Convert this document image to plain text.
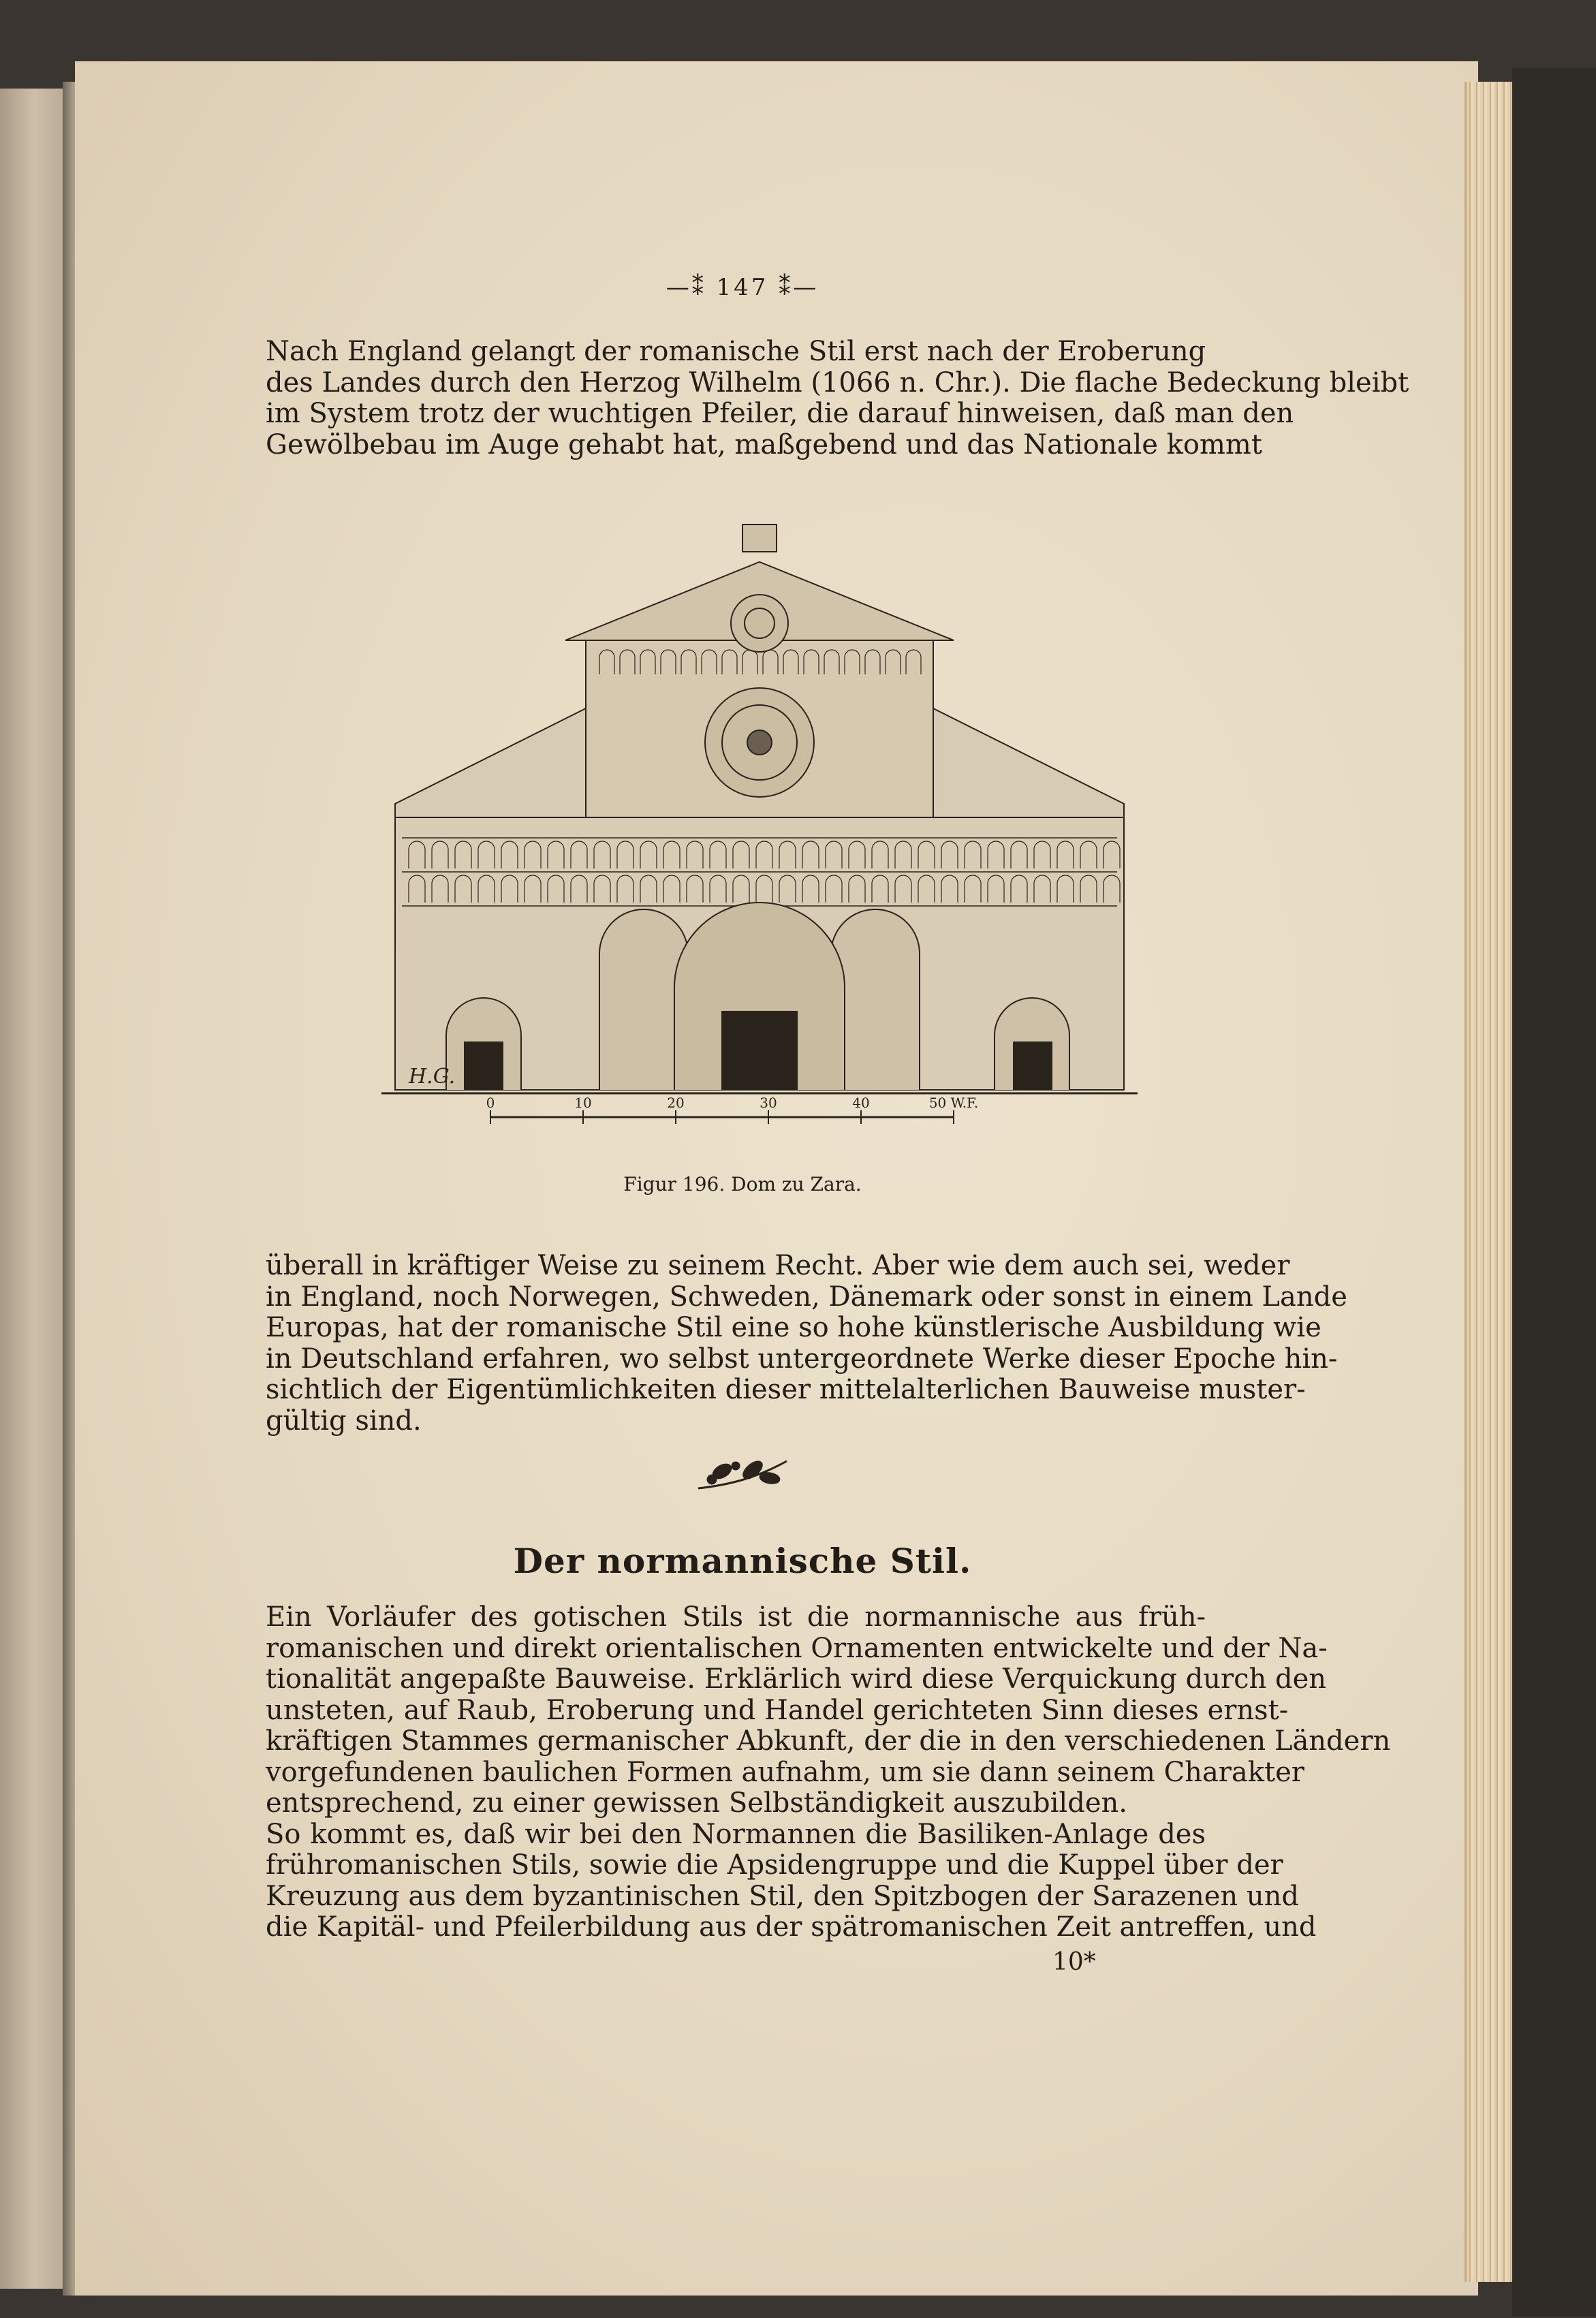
—⁑ 147 ⁑—
Nach England gelangt der romanische Stil erst nach der Eroberung
des Landes durch den Herzog Wilhelm (1066 n. Chr.). Die flache Bedeckung bleibt
im System trotz der wuchtigen Pfeiler, die darauf hinweisen, daß man den
Gewölbebau im Auge gehabt hat, maßgebend und das Nationale kommt
H.G.
0	10	20	30	40	50 W.F.
Figur 196. Dom zu Zara.
überall in kräftiger Weise zu seinem Recht. Aber wie dem auch sei, weder
in England, noch Norwegen, Schweden, Dänemark oder sonst in einem Lande
Europas, hat der romanische Stil eine so hohe künstlerische Ausbildung wie
in Deutschland erfahren, wo selbst untergeordnete Werke dieser Epoche hin-
sichtlich der Eigentümlichkeiten dieser mittelalterlichen Bauweise muster-
gültig sind.
Der normannische Stil.
Ein Vorläufer des gotischen Stils ist die normannische aus früh-
romanischen und direkt orientalischen Ornamenten entwickelte und der Na-
tionalität angepaßte Bauweise. Erklärlich wird diese Verquickung durch den
unsteten, auf Raub, Eroberung und Handel gerichteten Sinn dieses ernst-
kräftigen Stammes germanischer Abkunft, der die in den verschiedenen Ländern
vorgefundenen baulichen Formen aufnahm, um sie dann seinem Charakter
entsprechend, zu einer gewissen Selbständigkeit auszubilden.
So kommt es, daß wir bei den Normannen die Basiliken-Anlage des
frühromanischen Stils, sowie die Apsidengruppe und die Kuppel über der
Kreuzung aus dem byzantinischen Stil, den Spitzbogen der Sarazenen und
die Kapitäl- und Pfeilerbildung aus der spätromanischen Zeit antreffen, und
10*
